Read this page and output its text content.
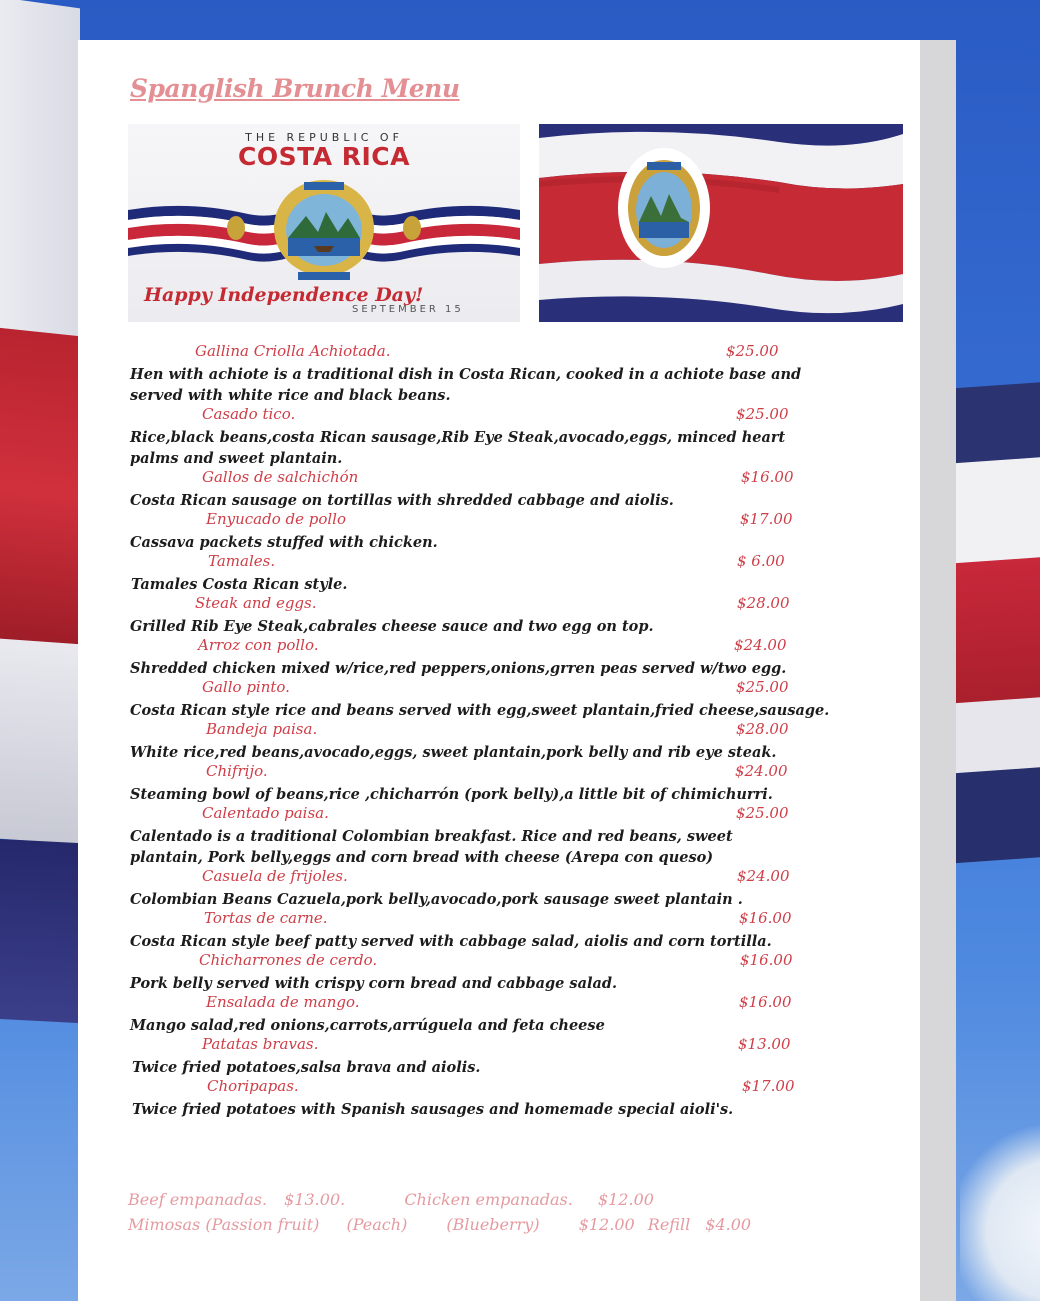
Spanglish Brunch Menu
THE REPUBLIC OF
COSTA RICA
Happy Independence Day!
SEPTEMBER 15
Gallina Criolla Achiotada.	$25.00
Hen with achiote is a traditional dish in Costa Rican, cooked in a achiote base and served with white rice and black beans.
Casado tico.	$25.00
Rice,black beans,costa Rican sausage,Rib Eye Steak,avocado,eggs, minced heart palms and sweet plantain.
Gallos de salchichón	$16.00
Costa Rican sausage on tortillas with shredded cabbage and aiolis.
Enyucado de pollo	$17.00
Cassava packets stuffed with chicken.
Tamales.	$ 6.00
Tamales Costa Rican style.
Steak and eggs.	$28.00
Grilled Rib Eye Steak,cabrales cheese sauce and two egg on top.
Arroz con pollo.	$24.00
Shredded chicken mixed w/rice,red peppers,onions,grren peas served w/two egg.
Gallo pinto.	$25.00
Costa Rican style rice and beans served with egg,sweet plantain,fried cheese,sausage.
Bandeja paisa.	$28.00
White rice,red beans,avocado,eggs, sweet plantain,pork belly and rib eye steak.
Chifrijo.	$24.00
Steaming bowl of beans,rice ,chicharrón (pork belly),a little bit of chimichurri.
Calentado paisa.	$25.00
Calentado is a traditional Colombian breakfast. Rice and red beans, sweet plantain, Pork belly,eggs and corn bread with cheese (Arepa con queso)
Casuela de frijoles.	$24.00
Colombian Beans Cazuela,pork belly,avocado,pork sausage sweet plantain .
Tortas de carne.	$16.00
Costa Rican style beef patty served with cabbage salad, aiolis and corn tortilla.
Chicharrones de cerdo.	$16.00
Pork belly served with crispy corn bread and cabbage salad.
Ensalada de mango.	$16.00
Mango salad,red onions,carrots,arrúguela and feta cheese
Patatas bravas.	$13.00
Twice fried potatoes,salsa brava and aiolis.
Choripapas.	$17.00
Twice fried potatoes with Spanish sausages and homemade special aioli's.
Beef empanadas. $13.00.	Chicken empanadas. $12.00
Mimosas (Passion fruit) (Peach) (Blueberry) $12.00 Refill $4.00
